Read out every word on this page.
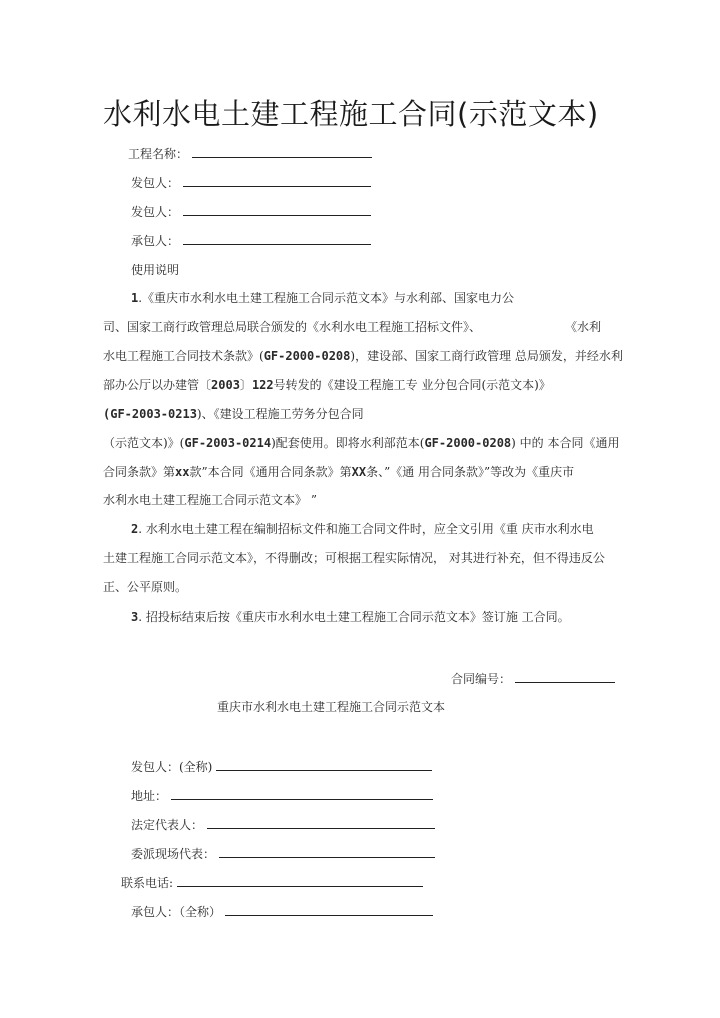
水利水电土建工程施工合同(示范文本)
工程名称：
发包人：
发包人：
承包人：
使用说明
1.《重庆市水利水电土建工程施工合同示范文本》与水利部、国家电力公
司、国家工商行政管理总局联合颁发的《水利水电工程施工招标文件》、	《水利
水电工程施工合同技术条款》(GF-2000-0208)，建设部、国家工商行政管理 总局颁发，并经水利
部办公厅以办建管〔2003〕122号转发的《建设工程施工专 业分包合同(示范文本)》
(GF-2003-0213)、《建设工程施工劳务分包合同
（示范文本)》(GF-2003-0214)配套使用。即将水利部范本(GF-2000-0208) 中的 本合同《通用
合同条款》第xx款”本合同《通用合同条款》第XX条、”《通 用合同条款》”等改为《重庆市
水利水电土建工程施工合同示范文本》 ”
2. 水利水电土建工程在编制招标文件和施工合同文件时，应全文引用《重 庆市水利水电
土建工程施工合同示范文本》，不得删改；可根据工程实际情况， 对其进行补充，但不得违反公
正、公平原则。
3. 招投标结束后按《重庆市水利水电土建工程施工合同示范文本》签订施 工合同。
合同编号：
重庆市水利水电土建工程施工合同示范文本
发包人：(全称)
地址：
法定代表人：
委派现场代表：
联系电话:
承包人：（全称）
